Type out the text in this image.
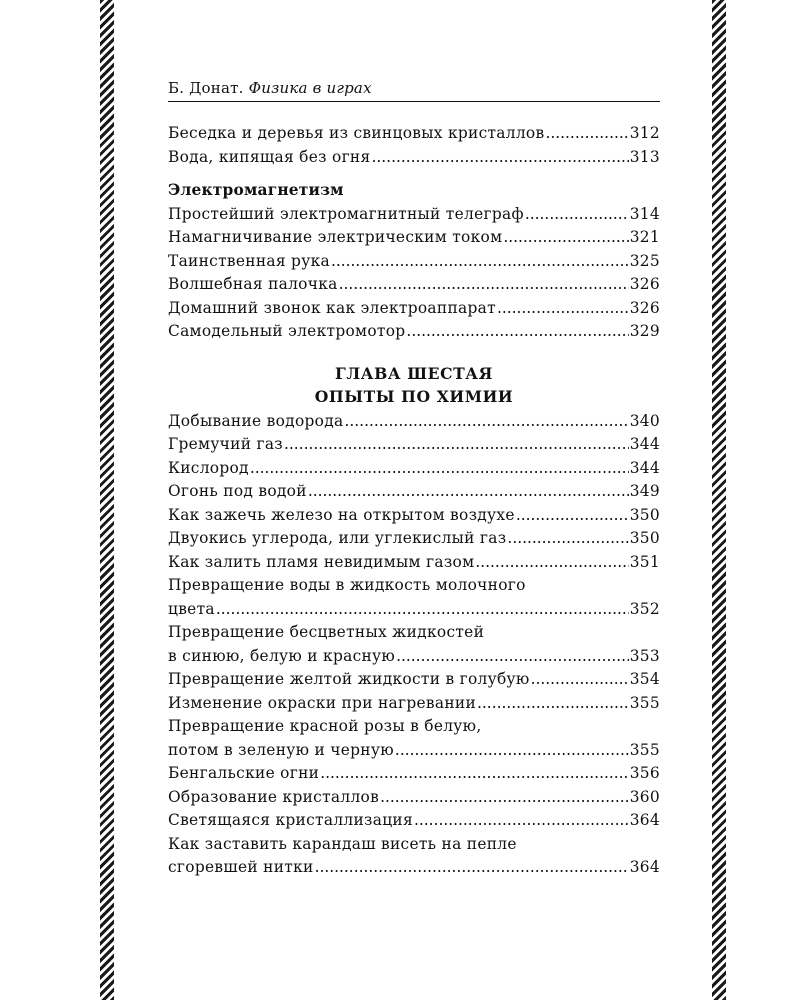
Б. Донат. Физика в играх
Беседка и деревья из свинцовых кристаллов .....	312
Вода, кипящая без огня .....	313
Электромагнетизм
Простейший электромагнитный телеграф .....	314
Намагничивание электрическим током .....	321
Таинственная рука .....	325
Волшебная палочка .....	326
Домашний звонок как электроаппарат .....	326
Самодельный электромотор .....	329
ГЛАВА ШЕСТАЯ
ОПЫТЫ ПО ХИМИИ
Добывание водорода .....	340
Гремучий газ .....	344
Кислород .....	344
Огонь под водой .....	349
Как зажечь железо на открытом воздухе .....	350
Двуокись углерода, или углекислый газ .....	350
Как залить пламя невидимым газом .....	351
Превращение воды в жидкость молочного
цвета .....	352
Превращение бесцветных жидкостей
в синюю, белую и красную .....	353
Превращение желтой жидкости в голубую .....	354
Изменение окраски при нагревании .....	355
Превращение красной розы в белую,
потом в зеленую и черную .....	355
Бенгальские огни .....	356
Образование кристаллов .....	360
Светящаяся кристаллизация .....	364
Как заставить карандаш висеть на пепле
сгоревшей нитки .....	364
